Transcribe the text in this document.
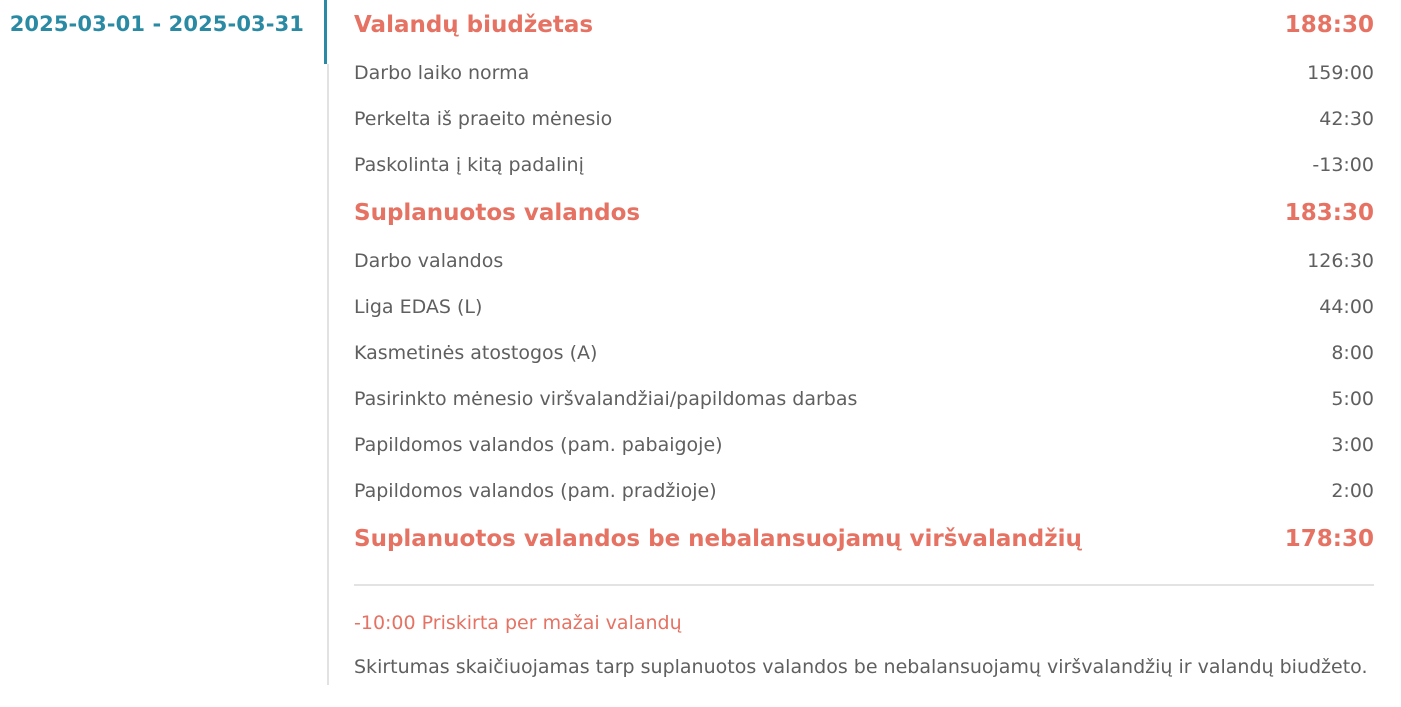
2025-03-01 - 2025-03-31 Valandų biudžetas	188:30
Darbo laiko norma	159:00
Perkelta iš praeito mėnesio	42:30
Paskolinta į kitą padalinį	-13:00
Suplanuotos valandos	183:30
Darbo valandos	126:30
Liga EDAS (L)	44:00
Kasmetinės atostogos (A)	8:00
Pasirinkto mėnesio viršvalandžiai/papildomas darbas	5:00
Papildomos valandos (pam. pabaigoje)	3:00
Papildomos valandos (pam. pradžioje)	2:00
Suplanuotos valandos be nebalansuojamų viršvalandžių	178:30
-10:00 Priskirta per mažai valandų
Skirtumas skaičiuojamas tarp suplanuotos valandos be nebalansuojamų viršvalandžių ir valandų biudžeto.
